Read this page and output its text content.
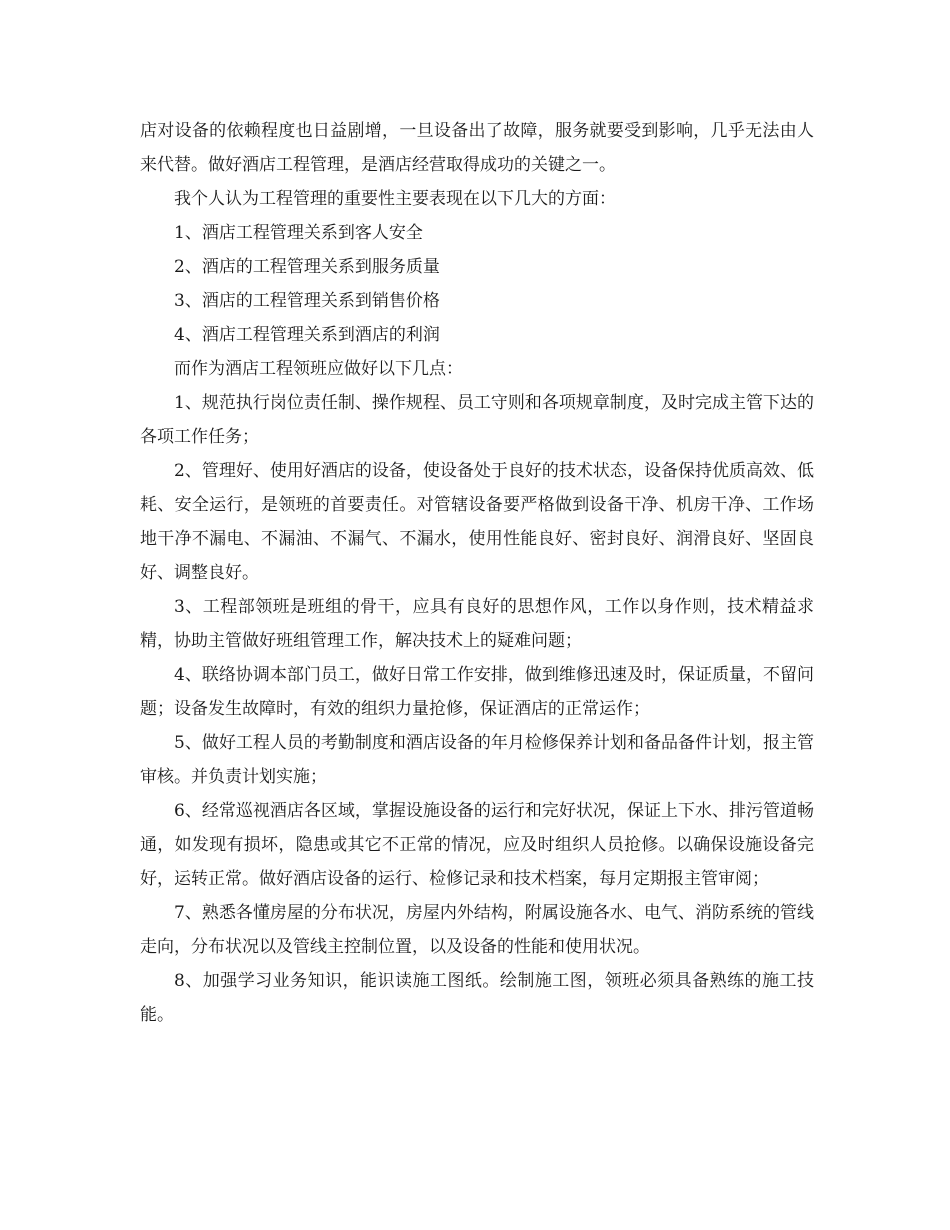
店对设备的依赖程度也日益剧增，一旦设备出了故障，服务就要受到影响，几乎无法由人来代替。做好酒店工程管理，是酒店经营取得成功的关键之一。

我个人认为工程管理的重要性主要表现在以下几大的方面：

1、酒店工程管理关系到客人安全

2、酒店的工程管理关系到服务质量

3、酒店的工程管理关系到销售价格

4、酒店工程管理关系到酒店的利润

而作为酒店工程领班应做好以下几点：

1、规范执行岗位责任制、操作规程、员工守则和各项规章制度，及时完成主管下达的各项工作任务；

2、管理好、使用好酒店的设备，使设备处于良好的技术状态，设备保持优质高效、低耗、安全运行，是领班的首要责任。对管辖设备要严格做到设备干净、机房干净、工作场地干净不漏电、不漏油、不漏气、不漏水，使用性能良好、密封良好、润滑良好、坚固良好、调整良好。

3、工程部领班是班组的骨干，应具有良好的思想作风，工作以身作则，技术精益求精，协助主管做好班组管理工作，解决技术上的疑难问题；

4、联络协调本部门员工，做好日常工作安排，做到维修迅速及时，保证质量，不留问题；设备发生故障时，有效的组织力量抢修，保证酒店的正常运作；

5、做好工程人员的考勤制度和酒店设备的年月检修保养计划和备品备件计划，报主管审核。并负责计划实施；

6、经常巡视酒店各区域，掌握设施设备的运行和完好状况，保证上下水、排污管道畅通，如发现有损坏，隐患或其它不正常的情况，应及时组织人员抢修。以确保设施设备完好，运转正常。做好酒店设备的运行、检修记录和技术档案，每月定期报主管审阅；

7、熟悉各懂房屋的分布状况，房屋内外结构，附属设施各水、电气、消防系统的管线走向，分布状况以及管线主控制位置，以及设备的性能和使用状况。

8、加强学习业务知识，能识读施工图纸。绘制施工图，领班必须具备熟练的施工技能。
